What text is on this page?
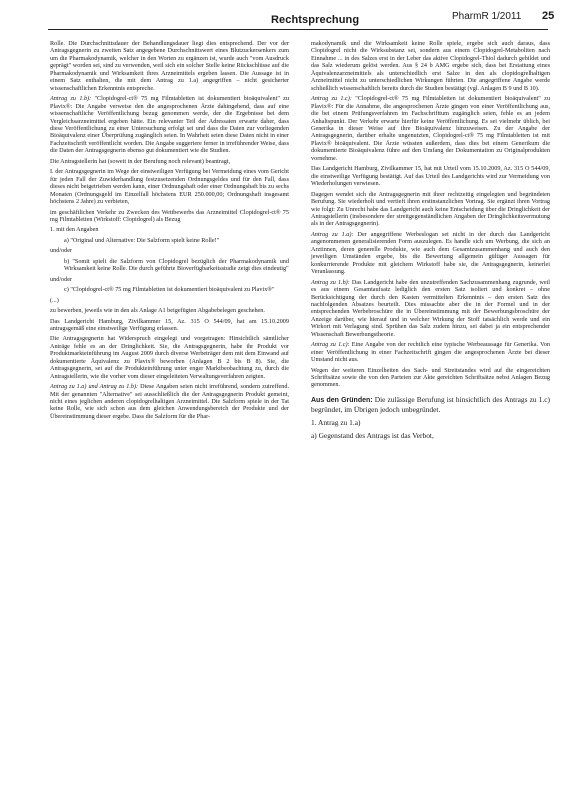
Rechtsprechung	PharmR 1/2011 25

Rolle. Die Durchschnittsdauer der Behandlungsdauer liegt dies entsprechend. Der vor der Antragsgegnerin zu zweiten Satz angegebene Durchschnittswert eines Blutzuckersenkers zum um die Pharmakodynamik, welcher in den Worten zu ergänzen ist, wurde auch "vom Ausdruck geprägt" worden sei, sind zu verwenden, weil sich ein solcher Stelle keine Rückschlüsse auf die Pharmakodynamik und Wirksamkeit ihres Arzneimittels ergeben lassen. Die Aussage ist in einem Satz enthalten, die mit dem Antrag zu 1.a) angegriffen – nicht gesicherter wissenschaftlichen Erkenntnis entspreche.

Antrag zu 1.b): "Clopidogrel-ct® 75 mg Filmtabletten ist dokumentiert bioäquivalent" zu Plavix®: Die Angabe verweise den die angesprochenen Ärzte dahingehend, dass auf eine wissenschaftliche Veröffentlichung bezug genommen werde, der die Ergebnisse bei dem Vergleichsarzneimittel ergeben hätte. Ein relevanter Teil der Adressaten erwarte daher, dass diese Veröffentlichung zu einer Untersuchung erfolgt sei und dass die Daten zur vorliegenden Bioäquivalenz einer Überprüfung zugänglich seien. In Wahrheit seien diese Daten nicht in einer Fachzeitschrift veröffentlicht worden. Die Angabe suggeriere ferner in irreführender Weise, dass die Daten der Antragsgegnerin ebenso gut dokumentiert wie die Studien.

Die Antragstellerin hat (soweit in der Berufung noch relevant) beantragt,

I. der Antragsgegnerin im Wege der einstweiligen Verfügung bei Vermeidung eines vom Gericht für jeden Fall der Zuwiderhandlung festzusetzenden Ordnungsgeldes und für den Fall, dass dieses nicht beigetrieben werden kann, einer Ordnungshaft oder einer Ordnungshaft bis zu sechs Monaten (Ordnungsgeld im Einzelfall höchstens EUR 250.000,00; Ordnungshaft insgesamt höchstens 2 Jahre) zu verbieten,

im geschäftlichen Verkehr zu Zwecken des Wettbewerbs das Arzneimittel Clopidogrel-ct® 75 mg Filmtabletten (Wirkstoff: Clopidogrel) als Bezug

1. mit den Angaben

a) "Original und Alternative: Die Salzform spielt keine Rolle!"

und/oder

b) "Somit spielt die Salzform von Clopidogrel bezüglich der Pharmakodynamik und Wirksamkeit keine Rolle. Die durch geführte Bioverfügbarkeitsstudie zeigt dies eindeutig"

und/oder

c) "Clopidogrel-ct® 75 mg Filmtabletten ist dokumentiert bioäquivalent zu Plavix®"

(...)

zu bewerben, jeweils wie in den als Anlage A1 beigefügten Abgabebelegen geschehen.

Das Landgericht Hamburg, Zivilkammer 15, Az. 315 O 544/09, hat am 15.10.2009 antragsgemäß eine einstweilige Verfügung erlassen.

Die Antragsgegnerin hat Widerspruch eingelegt und vorgetragen: Hinsichtlich sämtlicher Anträge fehle es an der Dringlichkeit. Sie, die Antragsgegnerin, habe ihr Produkt vor Produktmarkteinführung im August 2009 durch diverse Werbeträger dem mit dem Einwand auf dokumentierte Äquivalenz zu Plavix® beworben (Anlagen B 2 bis B 8). Sie, die Antragsgegnerin, sei auf die Produkteinführung unter enger Marktbeobachtung zu, durch die Antragstellerin, wie die vorher vom dieser eingeleiteten Verwaltungsverfahren zeigten.

Antrag zu 1.a) und Antrag zu 1.b): Diese Angaben seien nicht irreführend, sondern zutreffend. Mit der genannten "Alternative" sei ausschließlich die der Antragsgegnerin Produkt gemeint, nicht eines jeglichen anderen clopidogrelhaltigen Arzneimittel. Die Salzform spiele in der Tat keine Rolle, wie sich schon aus dem gleichen Anwendungsbereich der Produkte und der Übereinstimmung dieser ergebe. Dass die Salzform für die Phar-

makodynamik und die Wirksamkeit keine Rolle spiele, ergebe sich auch daraus, dass Clopidogrel nicht die Wirksubstanz sei, sondern aus einem Clopidogrel-Metaboliten nach Einnahme ... in des Salzes erst in der Leber das aktive Clopidogrel-Thiol dadurch gebildet und das Salz wiederum gelöst werden. Aus § 24 b AMG ergebe sich, dass bei Erstattung eines Äquivalenzarzneimittels als unterschiedlich erst Salze in den als clopidogrelhaltigen Arzneimittel nicht zu unterschiedlichen Wirkungen führten. Die angegriffene Angabe werde schließlich wissenschaftlich bereits durch die Studien bestätigt (vgl. Anlagen B 9 und B 10).

Antrag zu 1.c): "Clopidogrel-ct® 75 mg Filmtabletten ist dokumentiert bioäquivalent" zu Plavix®: Für die Annahme, die angesprochenen Ärzte gingen von einer Veröffentlichung aus, die bei einem Prüfungsverfahren im Fachschrifttum zugänglich seien, fehle es an jedem Anhaltspunkt. Der Verkehr erwarte hierfür keine Veröffentlichung. Es sei vielmehr üblich, bei Generika in dieser Weise auf ihre Bioäquivalenz hinzuweisen. Zu der Angabe der Antragsgegnerin, darüber erhalte ungenutzten, Clopidogrel-ct® 75 mg Filmtabletten ist mit Plavix® bioäquivalent. Die Ärzte wüssten außerdem, dass dies bei einem Generikum die dokumentierte Bioäquivalenz führe auf den Umfang der Dokumentation zu Originalprodukten vornehme.

Das Landgericht Hamburg, Zivilkammer 15, hat mit Urteil vom 15.10.2009, Az. 315 O 544/09, die einstweilige Verfügung bestätigt. Auf das Urteil des Landgerichts wird zur Vermeidung von Wiederholungen verwiesen.

Dagegen wendet sich die Antragsgegnerin mit ihrer rechtzeitig eingelegten und begründeten Berufung. Sie wiederholt und vertieft ihren erstinstanzlichen Vortrag. Sie ergänzt ihren Vortrag wie folgt: Zu Unrecht habe das Landgericht auch keine Entscheidung über die Dringlichkeit der Antragstellerin (insbesondere der streitgegenständlichen Angaben der Dringlichkeitsvermutung als in der Antragsgegnerin).

Antrag zu 1.a): Der angegriffene Werbeslogan sei nicht in der durch das Landgericht angenommenen generalisierenden Form auszulegen. Es handle sich um Werbung, die sich an Arztinnen, deren generelle Produkte, wie auch dem Gesamtzusammenhang und auch den jeweiligen Umständen ergebe, bis die Bewertung allgemein gültiger Aussagen für konkurrierende Produkte mit gleichem Wirkstoff habe sie, die Antragsgegnerin, keinerlei Veranlassung.

Antrag zu 1.b): Das Landgericht habe den unzutreffenden Sachzusammenhang zugrunde, weil es aus einem Gesamtaufsatz lediglich den ersten Satz isoliert und konkret – ohne Berücksichtigung der durch den Kasten vermittelten Erkenntnis – den ersten Satz des nachfolgenden Absatzes beurteilt. Dies missachte aber die in der Formel und in der entsprechenden Werbebroschüre die in Übereinstimmung mit der Bewerbungsbroschüre der Anzeige darüber, wie hierauf und in welcher Wirkung der Stoff tatsächlich werde und ein Wirkort mit Verlagung sind. Sprühen das Salz zudem hinzu, sei dabei ja ein entsprechender Wissenschaft Bewerbungstheorie.

Antrag zu 1.c): Eine Angabe von der rechtlich eine typische Werbeaussage für Generika. Von einer Veröffentlichung in einer Fachzeitschrift gingen die angesprochenen Ärzte bei dieser Umstand nicht aus.

Wegen der weiteren Einzelheiten des Sach- und Streitstandes wird auf die eingereichten Schriftsätze sowie die von den Parteien zur Akte gereichten Schriftsätze nebst Anlagen Bezug genommen.

Aus den Gründen: Die zulässige Berufung ist hinsichtlich des Antrags zu 1.c) begründet, im Übrigen jedoch unbegründet.

1. Antrag zu 1.a)

a) Gegenstand des Antrags ist das Verbot,
